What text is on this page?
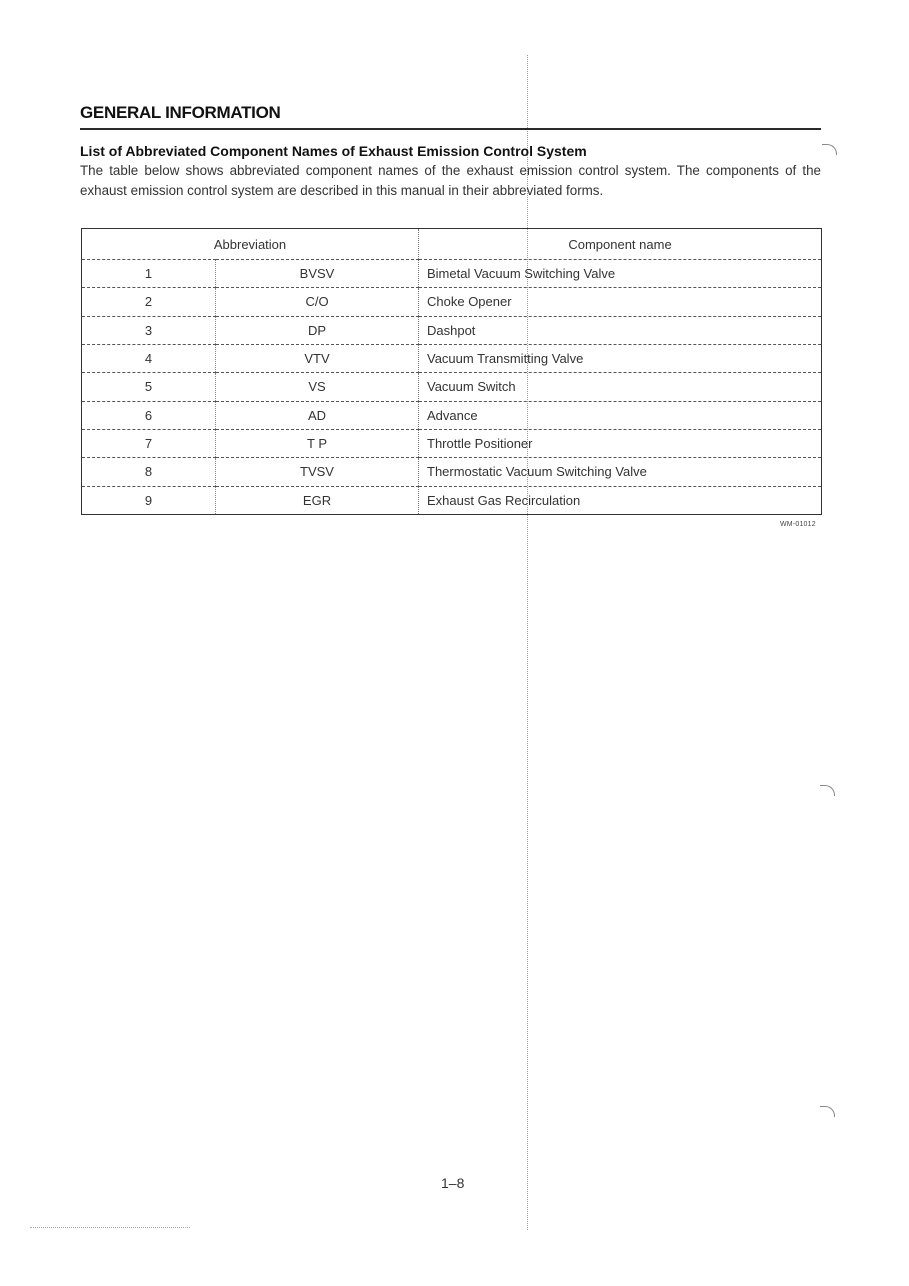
GENERAL INFORMATION
List of Abbreviated Component Names of Exhaust Emission Control System
The table below shows abbreviated component names of the exhaust emission control system. The components of the exhaust emission control system are described in this manual in their abbreviated forms.
Abbreviation		Component name
1	BVSV	Bimetal Vacuum Switching Valve
2	C/O	Choke Opener
3	DP	Dashpot
4	VTV	Vacuum Transmitting Valve
5	VS	Vacuum Switch
6	AD	Advance
7	T P	Throttle Positioner
8	TVSV	Thermostatic Vacuum Switching Valve
9	EGR	Exhaust Gas Recirculation
WM-01012
1–8
